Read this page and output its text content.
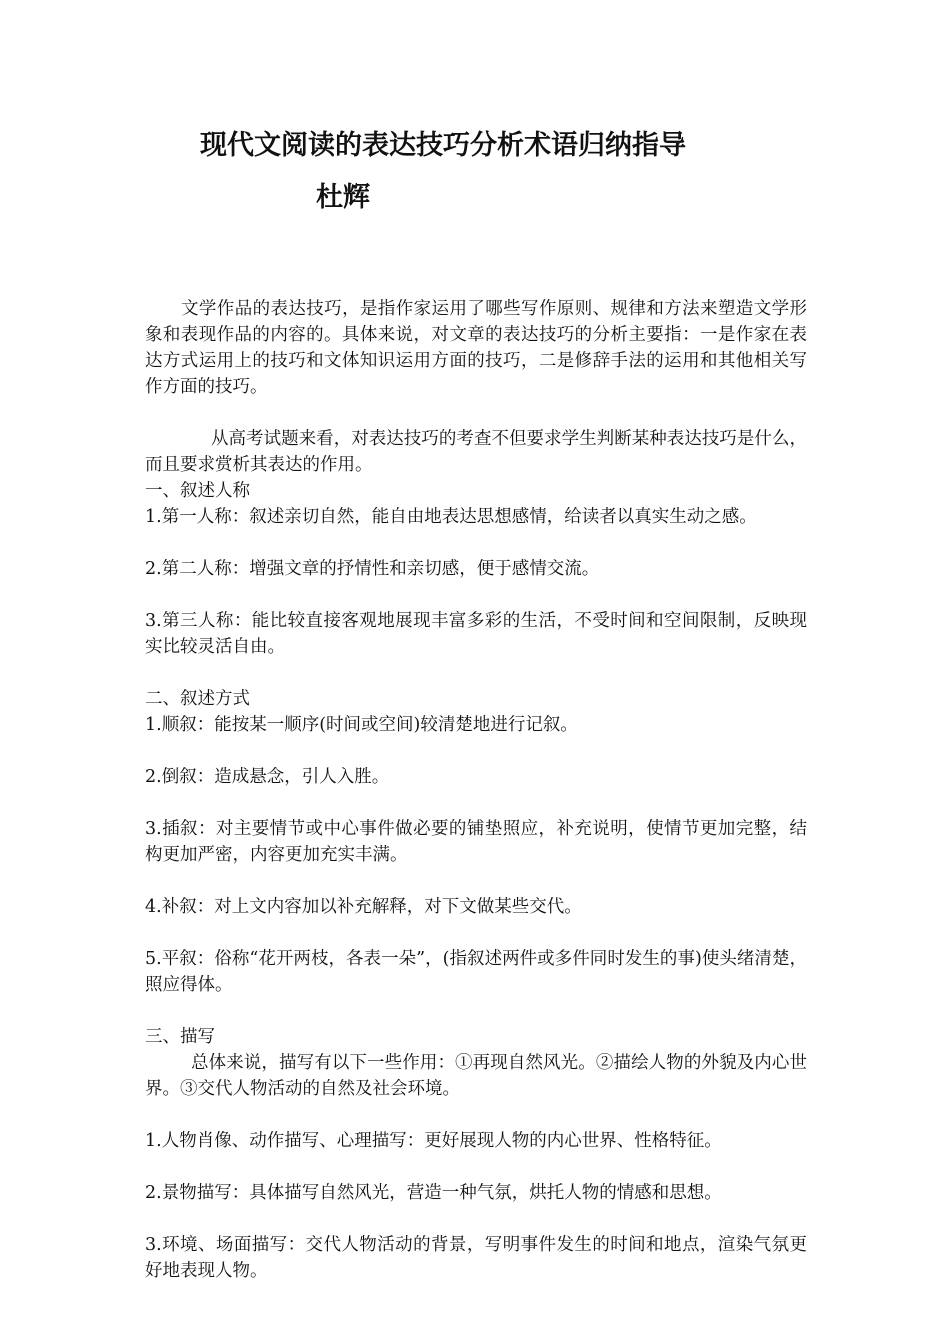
现代文阅读的表达技巧分析术语归纳指导
杜辉

文学作品的表达技巧，是指作家运用了哪些写作原则、规律和方法来塑造文学形象和表现作品的内容的。具体来说，对文章的表达技巧的分析主要指：一是作家在表达方式运用上的技巧和文体知识运用方面的技巧，二是修辞手法的运用和其他相关写作方面的技巧。

从高考试题来看，对表达技巧的考查不但要求学生判断某种表达技巧是什么，而且要求赏析其表达的作用。

一、叙述人称

1.第一人称：叙述亲切自然，能自由地表达思想感情，给读者以真实生动之感。

2.第二人称：增强文章的抒情性和亲切感，便于感情交流。

3.第三人称：能比较直接客观地展现丰富多彩的生活，不受时间和空间限制，反映现实比较灵活自由。

二、叙述方式

1.顺叙：能按某一顺序(时间或空间)较清楚地进行记叙。

2.倒叙：造成悬念，引人入胜。

3.插叙：对主要情节或中心事件做必要的铺垫照应，补充说明，使情节更加完整，结构更加严密，内容更加充实丰满。

4.补叙：对上文内容加以补充解释，对下文做某些交代。

5.平叙：俗称“花开两枝，各表一朵”，(指叙述两件或多件同时发生的事)使头绪清楚，照应得体。

三、描写

总体来说，描写有以下一些作用：①再现自然风光。②描绘人物的外貌及内心世界。③交代人物活动的自然及社会环境。

1.人物肖像、动作描写、心理描写：更好展现人物的内心世界、性格特征。

2.景物描写：具体描写自然风光，营造一种气氛，烘托人物的情感和思想。

3.环境、场面描写：交代人物活动的背景，写明事件发生的时间和地点，渲染气氛更好地表现人物。
